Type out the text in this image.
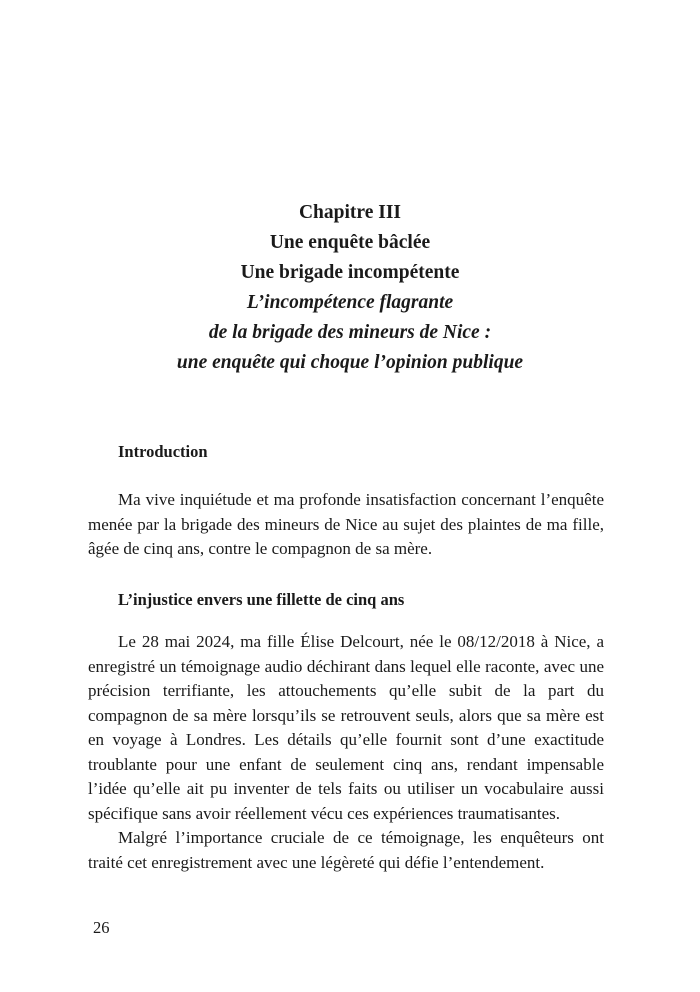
Chapitre III
Une enquête bâclée
Une brigade incompétente
L’incompétence flagrante
de la brigade des mineurs de Nice :
une enquête qui choque l’opinion publique
Introduction

Ma vive inquiétude et ma profonde insatisfaction concernant l’enquête menée par la brigade des mineurs de Nice au sujet des plaintes de ma fille, âgée de cinq ans, contre le compagnon de sa mère.

L’injustice envers une fillette de cinq ans

Le 28 mai 2024, ma fille Élise Delcourt, née le 08/12/2018 à Nice, a enregistré un témoignage audio déchirant dans lequel elle raconte, avec une précision terrifiante, les attouchements qu’elle subit de la part du compagnon de sa mère lorsqu’ils se retrouvent seuls, alors que sa mère est en voyage à Londres. Les détails qu’elle fournit sont d’une exactitude troublante pour une enfant de seulement cinq ans, rendant impensable l’idée qu’elle ait pu inventer de tels faits ou utiliser un vocabulaire aussi spécifique sans avoir réellement vécu ces expériences traumatisantes.

Malgré l’importance cruciale de ce témoignage, les enquêteurs ont traité cet enregistrement avec une légèreté qui défie l’entendement.

26
